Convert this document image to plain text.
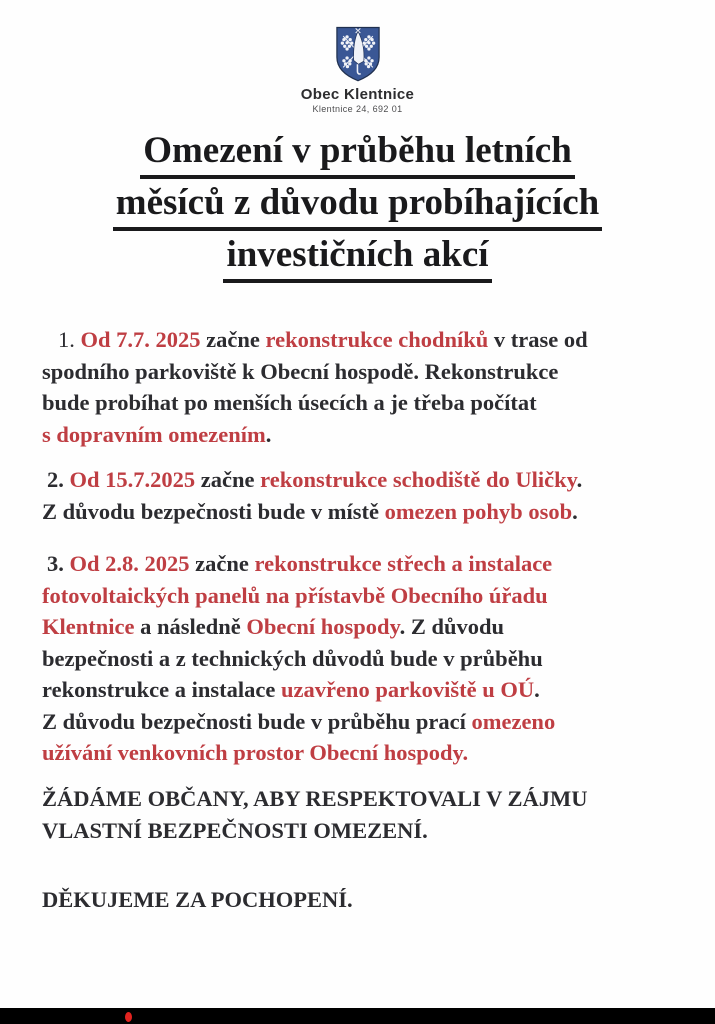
Obec Klentnice
Klentnice 24, 692 01
Omezení v průběhu letních
měsíců z důvodu probíhajících
investičních akcí
1. Od 7.7. 2025 začne rekonstrukce chodníků v trase od
spodního parkoviště k Obecní hospodě. Rekonstrukce
bude probíhat po menších úsecích a je třeba počítat
s dopravním omezením.
2. Od 15.7.2025 začne rekonstrukce schodiště do Uličky.
Z důvodu bezpečnosti bude v místě omezen pohyb osob.
3. Od 2.8. 2025 začne rekonstrukce střech a instalace
fotovoltaických panelů na přístavbě Obecního úřadu
Klentnice a následně Obecní hospody. Z důvodu
bezpečnosti a z technických důvodů bude v průběhu
rekonstrukce a instalace uzavřeno parkoviště u OÚ.
Z důvodu bezpečnosti bude v průběhu prací omezeno
užívání venkovních prostor Obecní hospody.
ŽÁDÁME OBČANY, ABY RESPEKTOVALI V ZÁJMU
VLASTNÍ BEZPEČNOSTI OMEZENÍ.
DĚKUJEME ZA POCHOPENÍ.
